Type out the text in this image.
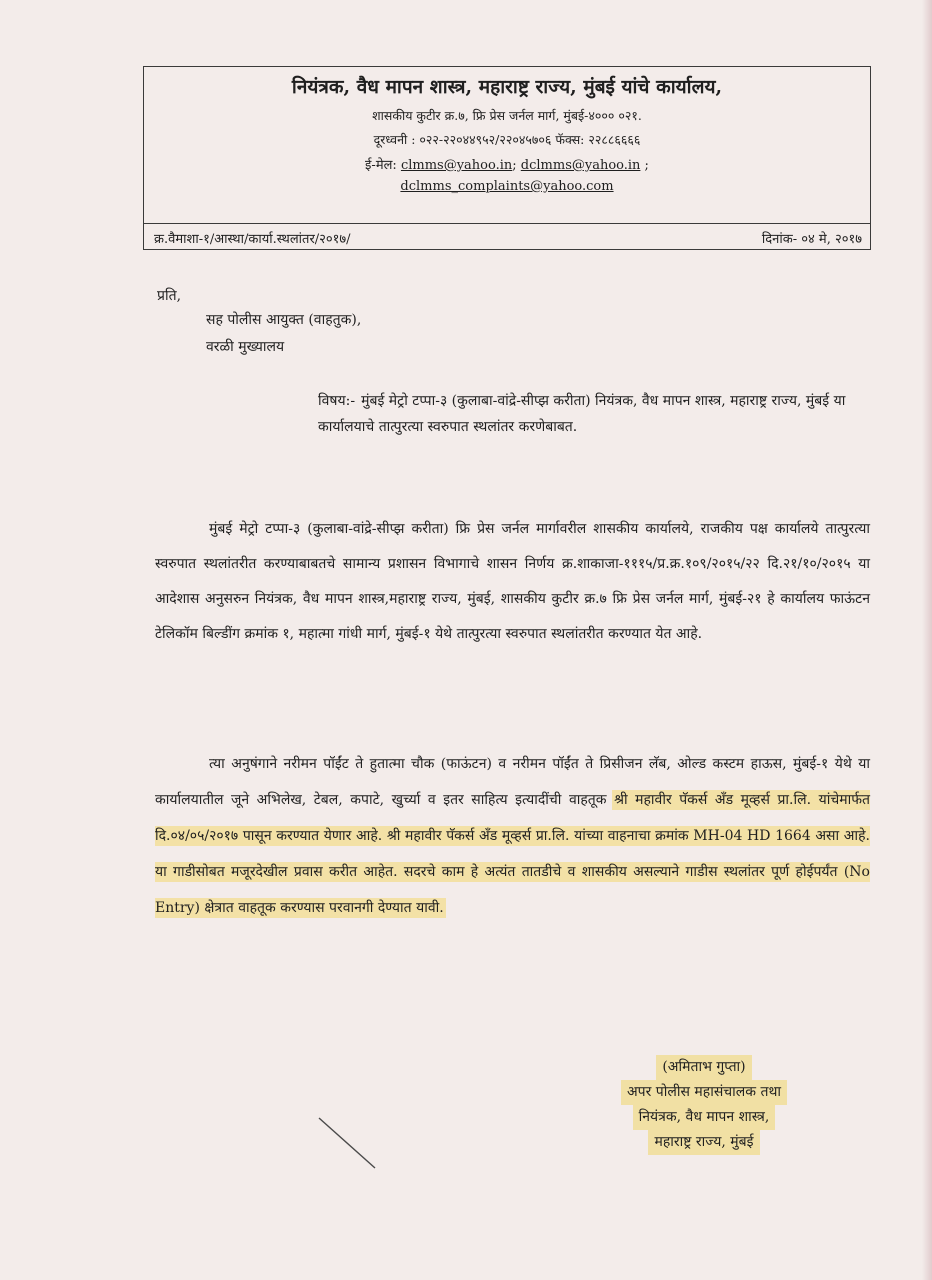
नियंत्रक, वैध मापन शास्त्र, महाराष्ट्र राज्य, मुंबई यांचे कार्यालय,
शासकीय कुटीर क्र.७, फ्रि प्रेस जर्नल मार्ग, मुंबई-४००० ०२१.
दूरध्वनी : ०२२-२२०४४९५२/२२०४५७०६ फॅक्स: २२८८६६६६
ई-मेल: clmms@yahoo.in; dclmms@yahoo.in ;
dclmms_complaints@yahoo.com
क्र.वैमाशा-१/आस्था/कार्या.स्थलांतर/२०१७/	दिनांक- ०४ मे, २०१७
प्रति,
सह पोलीस आयुक्त (वाहतुक),
वरळी मुख्यालय
विषय:- मुंबई मेट्रो टप्पा-३ (कुलाबा-वांद्रे-सीप्झ करीता) नियंत्रक, वैध मापन शास्त्र, महाराष्ट्र राज्य, मुंबई या कार्यालयाचे तात्पुरत्या स्वरुपात स्थलांतर करणेबाबत.
मुंबई मेट्रो टप्पा-३ (कुलाबा-वांद्रे-सीप्झ करीता) फ्रि प्रेस जर्नल मार्गावरील शासकीय कार्यालये, राजकीय पक्ष कार्यालये तात्पुरत्या स्वरुपात स्थलांतरीत करण्याबाबतचे सामान्य प्रशासन विभागाचे शासन निर्णय क्र.शाकाजा-१११५/प्र.क्र.१०९/२०१५/२२ दि.२१/१०/२०१५ या आदेशास अनुसरुन नियंत्रक, वैध मापन शास्त्र,महाराष्ट्र राज्य, मुंबई, शासकीय कुटीर क्र.७ फ्रि प्रेस जर्नल मार्ग, मुंबई-२१ हे कार्यालय फाऊंटन टेलिकॉम बिल्डींग क्रमांक १, महात्मा गांधी मार्ग, मुंबई-१ येथे तात्पुरत्या स्वरुपात स्थलांतरीत करण्यात येत आहे.
त्या अनुषंगाने नरीमन पॉईंट ते हुतात्मा चौक (फाऊंटन) व नरीमन पॉईंत ते प्रिसीजन लॅब, ओल्ड कस्टम हाऊस, मुंबई-१ येथे या कार्यालयातील जूने अभिलेख, टेबल, कपाटे, खुर्च्या व इतर साहित्य इत्यादींची वाहतूक श्री महावीर पॅकर्स अँड मूव्हर्स प्रा.लि. यांचेमार्फत दि.०४/०५/२०१७ पासून करण्यात येणार आहे. श्री महावीर पॅकर्स अँड मूव्हर्स प्रा.लि. यांच्या वाहनाचा क्रमांक MH-04 HD 1664 असा आहे. या गाडीसोबत मजूरदेखील प्रवास करीत आहेत. सदरचे काम हे अत्यंत तातडीचे व शासकीय असल्याने गाडीस स्थलांतर पूर्ण होईपर्यंत (No Entry) क्षेत्रात वाहतूक करण्यास परवानगी देण्यात यावी.
(अमिताभ गुप्ता)
अपर पोलीस महासंचालक तथा
नियंत्रक, वैध मापन शास्त्र,
महाराष्ट्र राज्य, मुंबई
